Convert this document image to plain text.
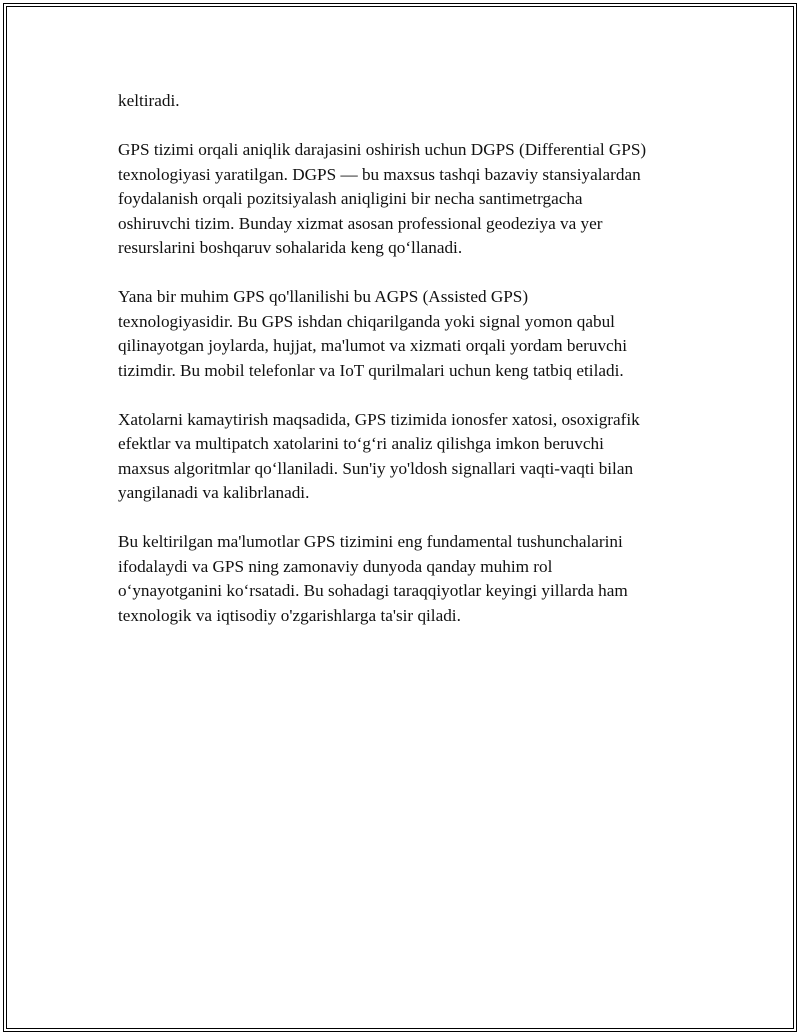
keltiradi.

GPS tizimi orqali aniqlik darajasini oshirish uchun DGPS (Differential GPS)
texnologiyasi yaratilgan. DGPS — bu maxsus tashqi bazaviy stansiyalardan
foydalanish orqali pozitsiyalash aniqligini bir necha santimetrgacha
oshiruvchi tizim. Bunday xizmat asosan professional geodeziya va yer
resurslarini boshqaruv sohalarida keng qo‘llanadi.

Yana bir muhim GPS qo'llanilishi bu AGPS (Assisted GPS)
texnologiyasidir. Bu GPS ishdan chiqarilganda yoki signal yomon qabul
qilinayotgan joylarda, hujjat, ma'lumot va xizmati orqali yordam beruvchi
tizimdir. Bu mobil telefonlar va IoT qurilmalari uchun keng tatbiq etiladi.

Xatolarni kamaytirish maqsadida, GPS tizimida ionosfer xatosi, osoxigrafik
efektlar va multipatch xatolarini to‘g‘ri analiz qilishga imkon beruvchi
maxsus algoritmlar qo‘llaniladi. Sun'iy yo'ldosh signallari vaqti-vaqti bilan
yangilanadi va kalibrlanadi.

Bu keltirilgan ma'lumotlar GPS tizimini eng fundamental tushunchalarini
ifodalaydi va GPS ning zamonaviy dunyoda qanday muhim rol
o‘ynayotganini ko‘rsatadi. Bu sohadagi taraqqiyotlar keyingi yillarda ham
texnologik va iqtisodiy o'zgarishlarga ta'sir qiladi.
